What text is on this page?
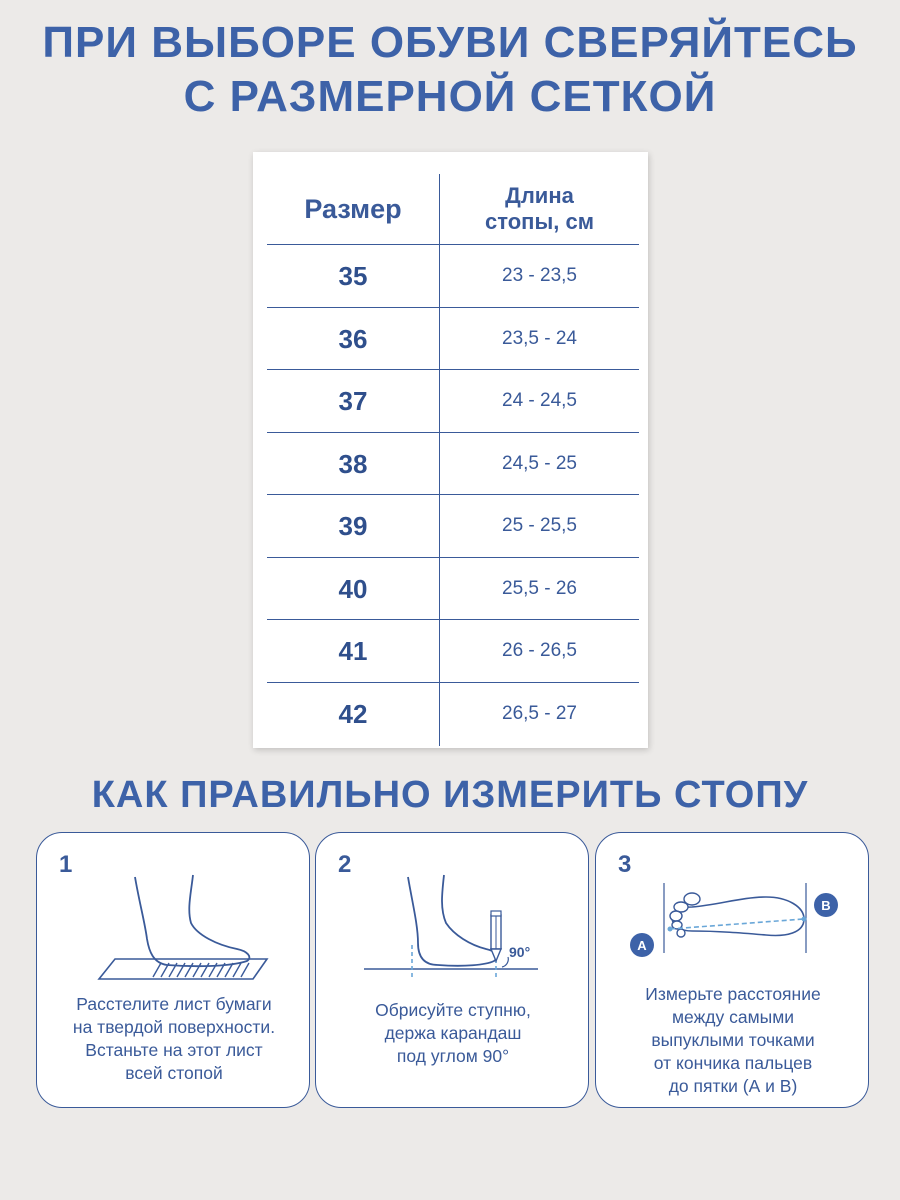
ПРИ ВЫБОРЕ ОБУВИ СВЕРЯЙТЕСЬ
С РАЗМЕРНОЙ СЕТКОЙ
Размер	Длина
стопы, см
35	23 - 23,5
36	23,5 - 24
37	24 - 24,5
38	24,5 - 25
39	25 - 25,5
40	25,5 - 26
41	26 - 26,5
42	26,5 - 27
КАК ПРАВИЛЬНО ИЗМЕРИТЬ СТОПУ
1
Расстелите лист бумаги
на твердой поверхности.
Встаньте на этот лист
всей стопой
2
90°
Обрисуйте ступню,
держа карандаш
под углом 90°
3
A
B
Измерьте расстояние
между самыми
выпуклыми точками
от кончика пальцев
до пятки (А и В)
